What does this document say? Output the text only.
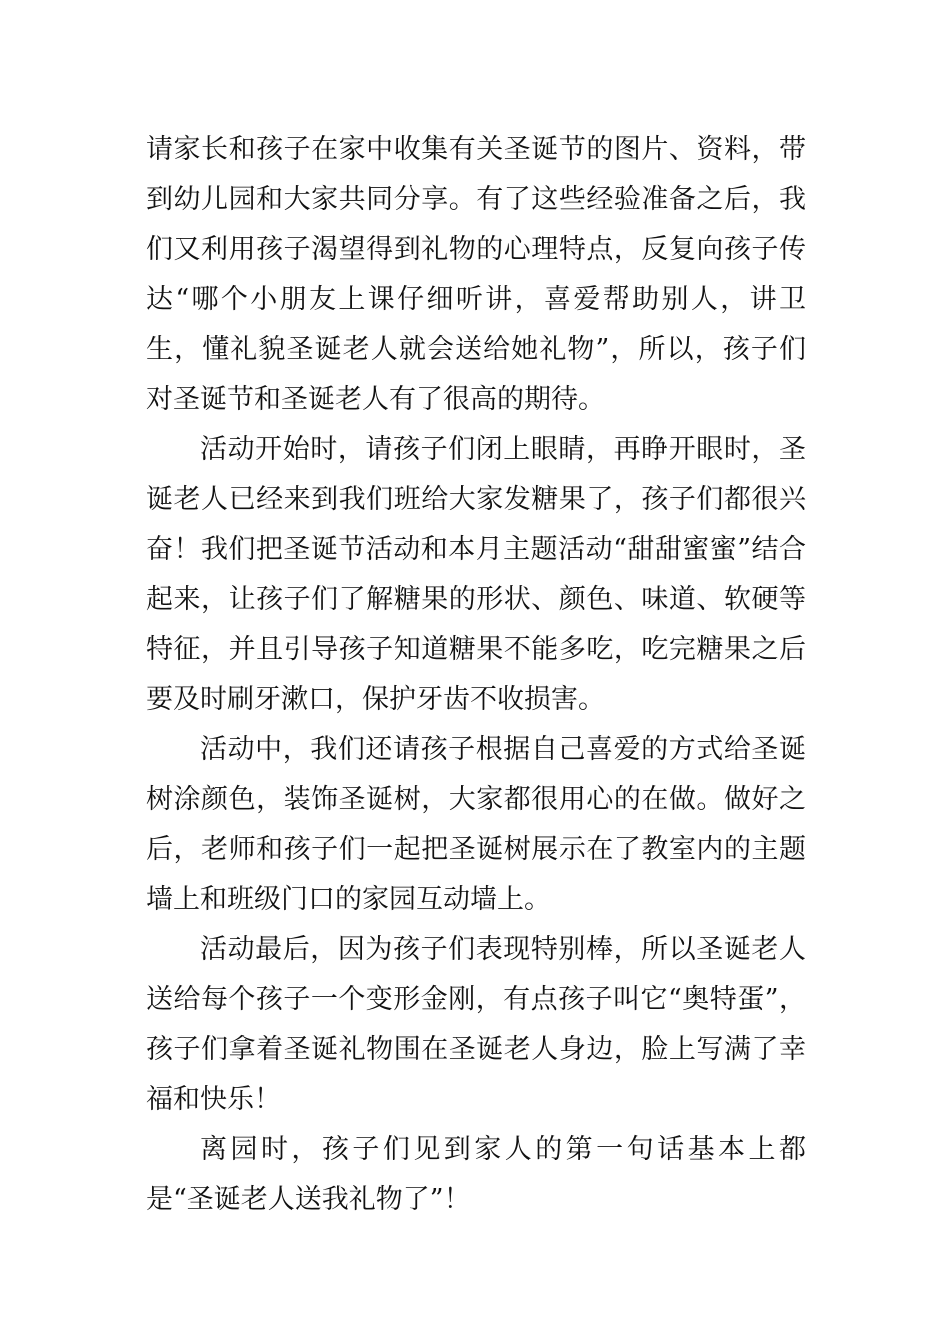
请家长和孩子在家中收集有关圣诞节的图片、资料，带到幼儿园和大家共同分享。有了这些经验准备之后，我们又利用孩子渴望得到礼物的心理特点，反复向孩子传达“哪个小朋友上课仔细听讲，喜爱帮助别人，讲卫生，懂礼貌圣诞老人就会送给她礼物”，所以，孩子们对圣诞节和圣诞老人有了很高的期待。

活动开始时，请孩子们闭上眼睛，再睁开眼时，圣诞老人已经来到我们班给大家发糖果了，孩子们都很兴奋！我们把圣诞节活动和本月主题活动“甜甜蜜蜜”结合起来，让孩子们了解糖果的形状、颜色、味道、软硬等特征，并且引导孩子知道糖果不能多吃，吃完糖果之后要及时刷牙漱口，保护牙齿不收损害。

活动中，我们还请孩子根据自己喜爱的方式给圣诞树涂颜色，装饰圣诞树，大家都很用心的在做。做好之后，老师和孩子们一起把圣诞树展示在了教室内的主题墙上和班级门口的家园互动墙上。

活动最后，因为孩子们表现特别棒，所以圣诞老人送给每个孩子一个变形金刚，有点孩子叫它“奥特蛋”，孩子们拿着圣诞礼物围在圣诞老人身边，脸上写满了幸福和快乐！

离园时，孩子们见到家人的第一句话基本上都是“圣诞老人送我礼物了”！
